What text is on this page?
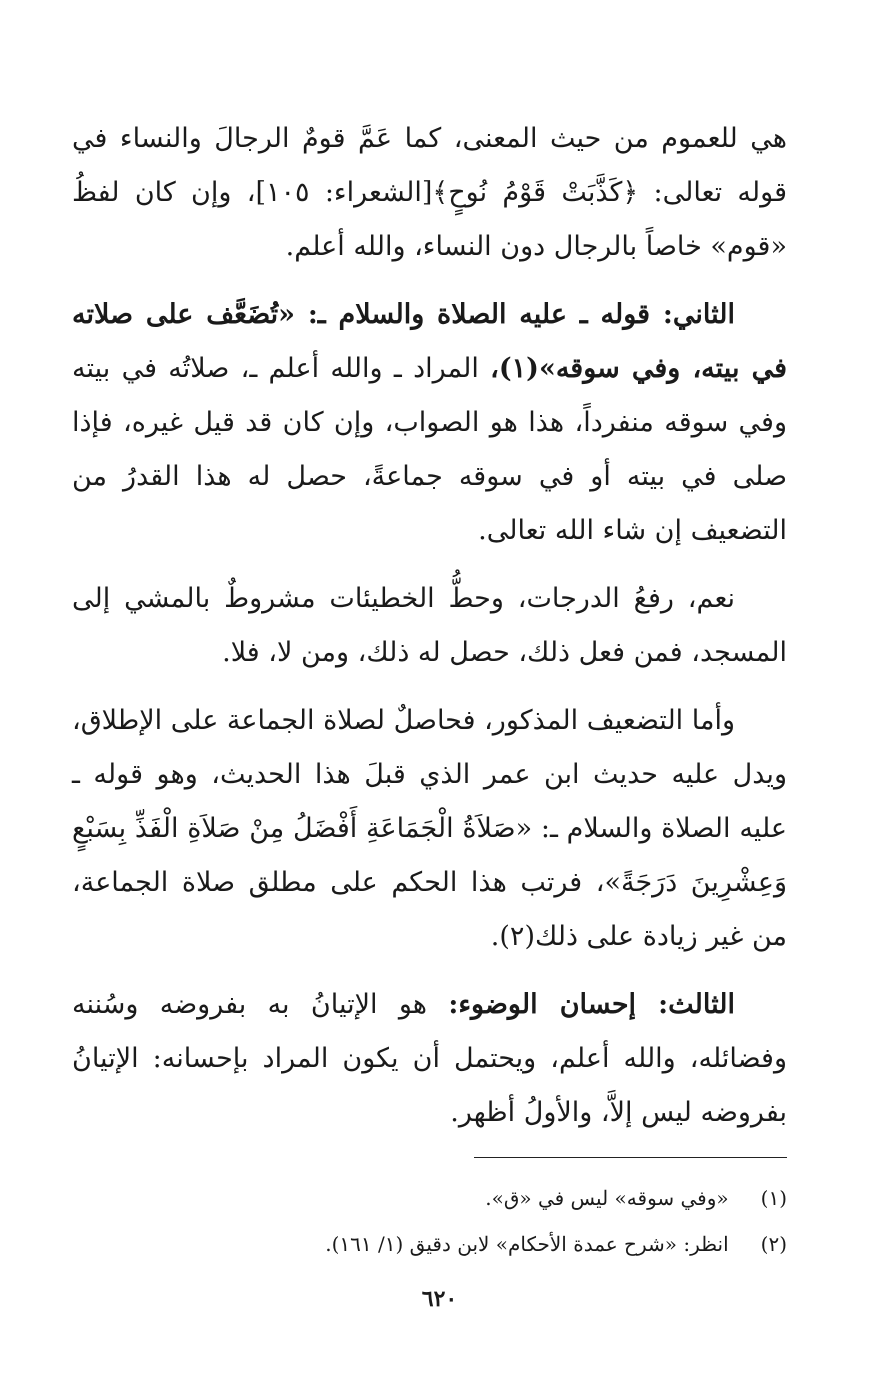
هي للعموم من حيث المعنى، كما عَمَّ قومٌ الرجالَ والنساء في قوله تعالى: ﴿كَذَّبَتْ قَوْمُ نُوحٍ﴾[الشعراء: ١٠٥]، وإن كان لفظُ «قوم» خاصاً بالرجال دون النساء، والله أعلم.

الثاني: قوله ـ عليه الصلاة والسلام ـ: «تُضَعَّف على صلاته في بيته، وفي سوقه»(١)، المراد ـ والله أعلم ـ، صلاتُه في بيته وفي سوقه منفرداً، هذا هو الصواب، وإن كان قد قيل غيره، فإذا صلى في بيته أو في سوقه جماعةً، حصل له هذا القدرُ من التضعيف إن شاء الله تعالى.

نعم، رفعُ الدرجات، وحطُّ الخطيئات مشروطٌ بالمشي إلى المسجد، فمن فعل ذلك، حصل له ذلك، ومن لا، فلا.

وأما التضعيف المذكور، فحاصلٌ لصلاة الجماعة على الإطلاق، ويدل عليه حديث ابن عمر الذي قبلَ هذا الحديث، وهو قوله ـ عليه الصلاة والسلام ـ: «صَلاَةُ الْجَمَاعَةِ أَفْضَلُ مِنْ صَلاَةِ الْفَذِّ بِسَبْعٍ وَعِشْرِينَ دَرَجَةً»، فرتب هذا الحكم على مطلق صلاة الجماعة، من غير زيادة على ذلك(٢).

الثالث: إحسان الوضوء: هو الإتيانُ به بفروضه وسُننه وفضائله، والله أعلم، ويحتمل أن يكون المراد بإحسانه: الإتيانُ بفروضه ليس إلاَّ، والأولُ أظهر.

(١) «وفي سوقه» ليس في «ق».

(٢) انظر: «شرح عمدة الأحكام» لابن دقيق (١/ ١٦١).

٦٢٠
